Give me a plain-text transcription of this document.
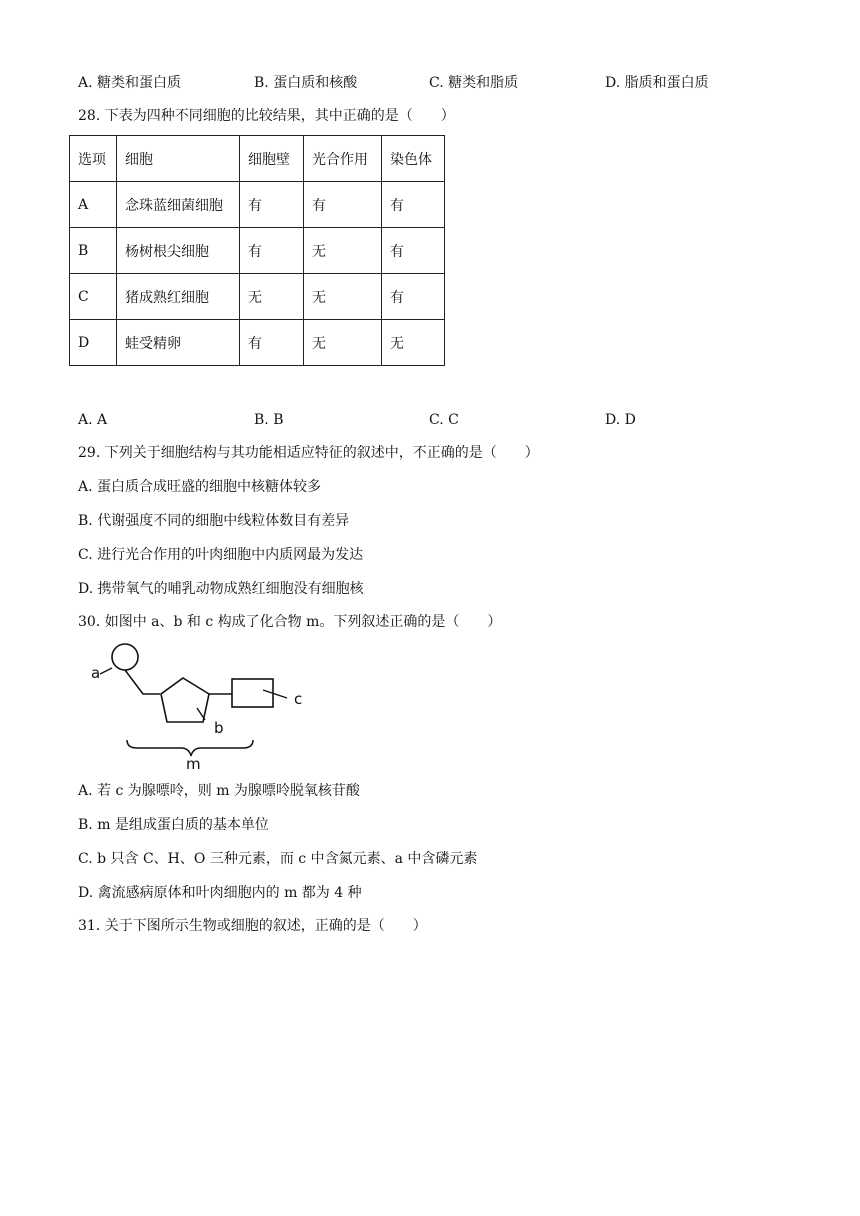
A. 糖类和蛋白质	B. 蛋白质和核酸	C. 糖类和脂质	D. 脂质和蛋白质
28. 下表为四种不同细胞的比较结果，其中正确的是（　　）
选项	细胞	细胞壁	光合作用	染色体
A	念珠蓝细菌细胞	有	有	有
B	杨树根尖细胞	有	无	有
C	猪成熟红细胞	无	无	有
D	蛙受精卵	有	无	无
A. A	B. B	C. C	D. D
29. 下列关于细胞结构与其功能相适应特征的叙述中，不正确的是（　　）
A. 蛋白质合成旺盛的细胞中核糖体较多
B. 代谢强度不同的细胞中线粒体数目有差异
C. 进行光合作用的叶肉细胞中内质网最为发达
D. 携带氧气的哺乳动物成熟红细胞没有细胞核
30. 如图中 a、b 和 c 构成了化合物 m。下列叙述正确的是（　　）
a
b
c
m
A. 若 c 为腺嘌呤，则 m 为腺嘌呤脱氧核苷酸
B. m 是组成蛋白质的基本单位
C. b 只含 C、H、O 三种元素，而 c 中含氮元素、a 中含磷元素
D. 禽流感病原体和叶肉细胞内的 m 都为 4 种
31. 关于下图所示生物或细胞的叙述，正确的是（　　）
